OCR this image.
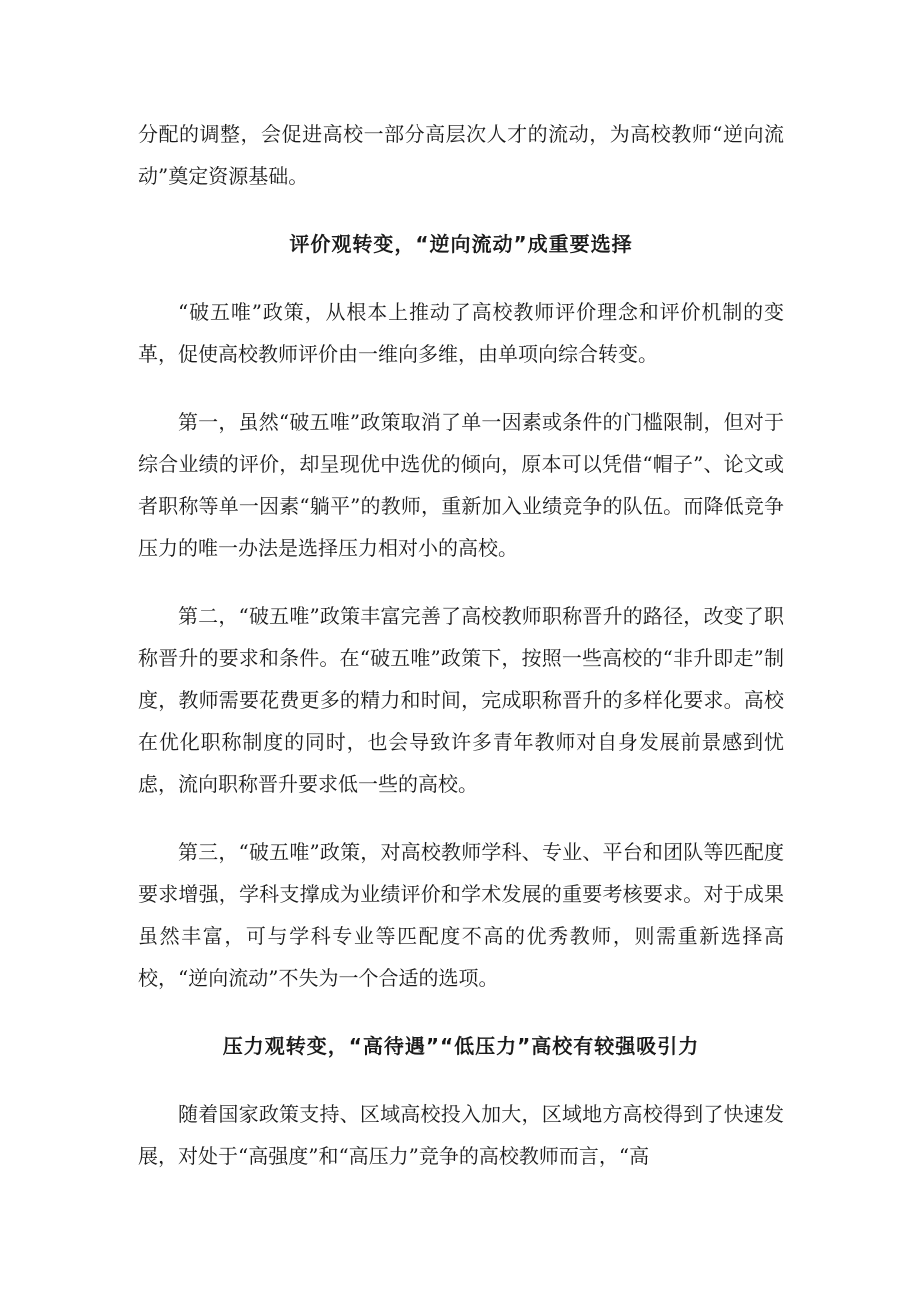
分配的调整，会促进高校一部分高层次人才的流动，为高校教师“逆向流动”奠定资源基础。

评价观转变，“逆向流动”成重要选择

“破五唯”政策，从根本上推动了高校教师评价理念和评价机制的变革，促使高校教师评价由一维向多维，由单项向综合转变。

第一，虽然“破五唯”政策取消了单一因素或条件的门槛限制，但对于综合业绩的评价，却呈现优中选优的倾向，原本可以凭借“帽子”、论文或者职称等单一因素“躺平”的教师，重新加入业绩竞争的队伍。而降低竞争压力的唯一办法是选择压力相对小的高校。

第二，“破五唯”政策丰富完善了高校教师职称晋升的路径，改变了职称晋升的要求和条件。在“破五唯”政策下，按照一些高校的“非升即走”制度，教师需要花费更多的精力和时间，完成职称晋升的多样化要求。高校在优化职称制度的同时，也会导致许多青年教师对自身发展前景感到忧虑，流向职称晋升要求低一些的高校。

第三，“破五唯”政策，对高校教师学科、专业、平台和团队等匹配度要求增强，学科支撑成为业绩评价和学术发展的重要考核要求。对于成果虽然丰富，可与学科专业等匹配度不高的优秀教师，则需重新选择高校，“逆向流动”不失为一个合适的选项。

压力观转变，“高待遇”“低压力”高校有较强吸引力

随着国家政策支持、区域高校投入加大，区域地方高校得到了快速发展，对处于“高强度”和“高压力”竞争的高校教师而言，“高
